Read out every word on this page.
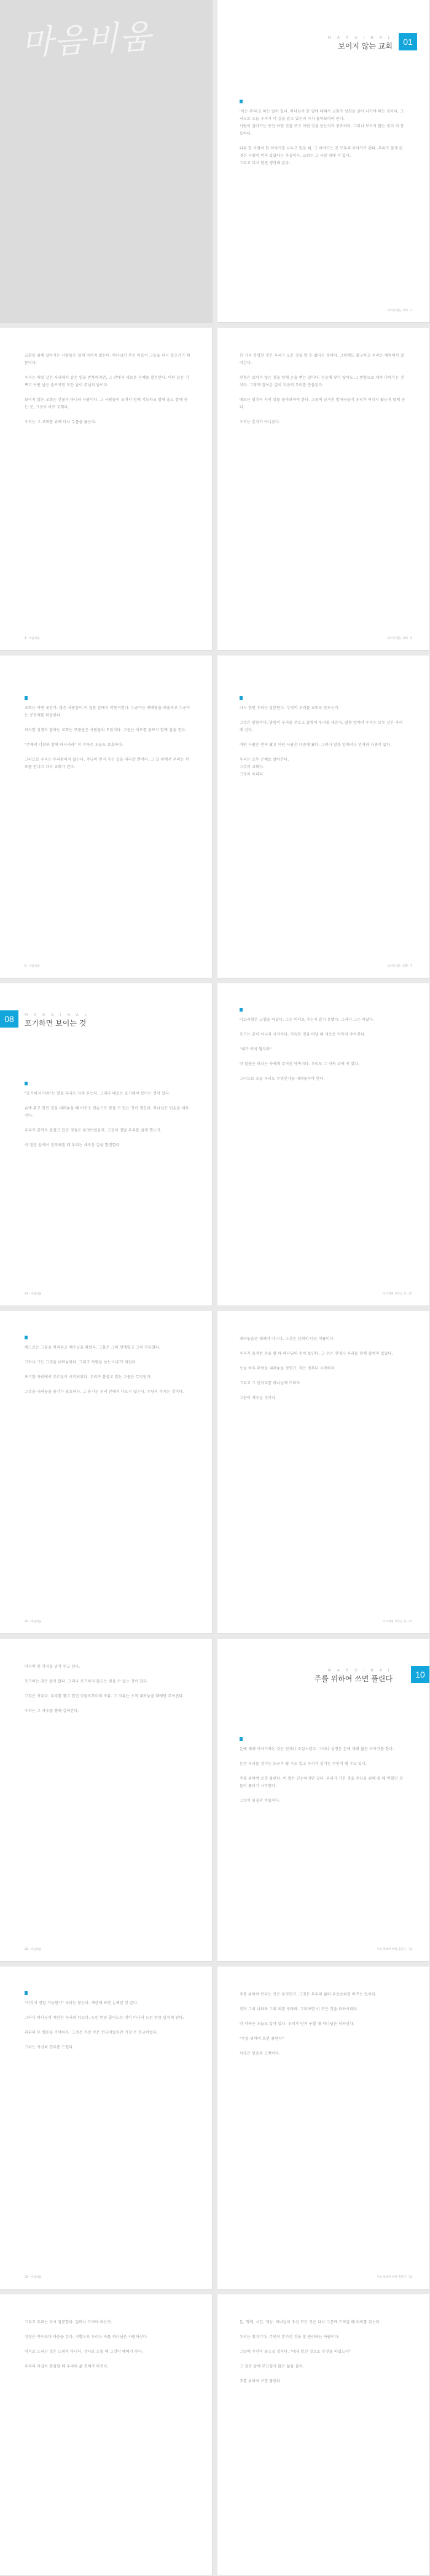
마음비움	M A R G I N A L
보이지 않는 교회	01
'이는 주'라고 하는 말이 있다. 하나님이 한 일에 대해서 교회가 성경을 살아 나가야 하는 것이다. 그러므로 오늘 우리가 이 길을 알고 있는지 다시 돌아보아야 한다.
사람이 살아가는 동안 어떤 것을 보고 어떤 것을 듣는지가 중요하다. 그러나 보이지 않는 것이 더 중요하다.

다른 한 사람이 한 이야기를 나누고 있을 때, 그 이야기는 곧 모두의 이야기가 된다. 우리가 알게 된 것은 사랑이 먼저 있었다는 사실이다. 교회는 그 사랑 위에 서 있다.
그리고 다시 한번 생각해 본다.
보이지 않는 교회 · 3
교회를 위해 살아가는 사람들은 쉽게 지치지 않는다. 하나님이 주신 마음이 그들을 다시 일으키기 때문이다.

우리는 매일 같은 자리에서 같은 일을 반복하지만, 그 안에서 새로운 은혜를 발견한다. 어떤 날은 기쁘고 어떤 날은 슬프지만 모든 날이 주님의 날이다.

보이지 않는 교회는 건물이 아니라 사람이다. 그 사람들이 모여서 함께 기도하고 함께 울고 함께 웃는 곳, 그곳이 바로 교회다.

우리는 그 교회를 위해 다시 무릎을 꿇는다.
4 · 마음비움
한 가지 분명한 것은 우리가 모든 것을 알 수 없다는 것이다. 그럼에도 불구하고 우리는 계속해서 걸어간다.

믿음은 보이지 않는 것을 향해 손을 뻗는 일이다. 손끝에 닿지 않아도 그 방향으로 계속 나아가는 것이다. 그렇게 걸어온 길이 지금의 우리를 만들었다.

때로는 멈추어 서서 뒤를 돌아보아야 한다. 그곳에 남겨진 발자국들이 우리가 어디서 왔는지 말해 준다.

우리는 혼자가 아니었다.
보이지 않는 교회 · 5
교회는 어떤 곳인가. 많은 사람들이 이 질문 앞에서 머뭇거린다. 누군가는 예배당을 떠올리고 누군가는 공동체를 떠올린다.

하지만 성경이 말하는 교회는 부름받은 사람들의 모임이다. 그들은 서로를 돌보고 함께 짐을 진다.

"주께서 너희와 함께 하시리라" 이 약속은 오늘도 유효하다.

그러므로 우리는 두려워하지 않는다. 주님이 먼저 가신 길을 따라갈 뿐이다. 그 길 위에서 우리는 서로를 만나고 다시 교회가 된다.
6 · 마음비움
다시 한번 우리는 질문한다. 무엇이 우리를 교회로 만드는가.

그것은 말씀이다. 말씀이 우리를 부르고 말씀이 우리를 세운다. 말씀 앞에서 우리는 모두 같은 자리에 선다.

어떤 사람은 먼저 왔고 어떤 사람은 나중에 왔다. 그러나 말씀 앞에서는 먼저와 나중이 없다.

우리는 모두 은혜로 살아간다.
그것이 교회다.
그것이 우리다.
보이지 않는 교회 · 7
08	M A R G I N A L
포기하면 보이는 것
"포기하지 마라"는 말을 우리는 자주 듣는다. 그러나 때로는 포기해야 보이는 것이 있다.

손에 쥐고 있던 것을 내려놓을 때 비로소 빈손으로 받을 수 있는 것이 생긴다. 하나님은 빈손을 채우신다.

우리가 끝까지 붙잡고 있던 것들은 무엇이었을까. 그것이 정말 우리를 살게 했는가.

이 질문 앞에서 정직해질 때 우리는 새로운 길을 발견한다.
24 · 마음비움
아브라함은 고향을 떠났다. 그는 어디로 가는지 알지 못했다. 그러나 그는 떠났다.

포기는 끝이 아니라 시작이다. 익숙한 것을 떠날 때 새로운 약속이 주어진다.

"네가 복이 될지라"

이 말씀은 떠나는 자에게 주어진 약속이다. 우리도 그 약속 위에 서 있다.

그러므로 오늘 우리도 무엇인가를 내려놓아야 한다.
포기하면 보이는 것 · 25
베드로는 그물을 버려두고 예수님을 따랐다. 그물은 그의 생계였고 그의 전부였다.

그러나 그는 그것을 내려놓았다. 그리고 사람을 낚는 어부가 되었다.

포기한 자리에서 부르심이 시작되었다. 우리가 붙잡고 있는 그물은 무엇인가.

그것을 내려놓을 용기가 필요하다. 그 용기는 우리 안에서 나오지 않는다. 주님이 주시는 것이다.
26 · 마음비움
내려놓음은 패배가 아니다. 그것은 신뢰의 다른 이름이다.

우리가 움켜쥔 손을 펼 때 하나님의 손이 보인다. 그 손은 언제나 우리를 향해 펼쳐져 있었다.

오늘 하루 무엇을 내려놓을 것인가. 작은 것부터 시작하자.

그리고 그 빈자리를 하나님께 드리자.

그분이 채우실 것이다.
포기하면 보이는 것 · 27
마지막 한 가지를 남겨 두고 싶다.

포기하는 것은 쉽지 않다. 그러나 포기하지 않고는 얻을 수 없는 것이 있다.

그것은 자유다. 우리를 묶고 있던 것들로부터의 자유. 그 자유는 오직 내려놓을 때에만 주어진다.

우리는 그 자유를 향해 걸어간다.
28 · 마음비움
M A R G I N A L
주를 위하여 쓰면 풀린다	10
돈에 대해 이야기하는 것은 언제나 조심스럽다. 그러나 성경은 돈에 대해 많은 이야기를 한다.

돈은 우리를 섬기는 도구가 될 수도 있고 우리가 섬기는 주인이 될 수도 있다.

주를 위하여 쓰면 풀린다. 이 말은 단순하지만 깊다. 우리가 가진 것을 주님을 위해 쓸 때 막혔던 것들이 풀리기 시작한다.

그것이 물질의 비밀이다.
주를 위하여 쓰면 풀린다 · 31
"이것이 정말 가능한가" 우리는 묻는다. 계산해 보면 손해인 것 같다.

그러나 하나님의 계산은 우리와 다르다. 드린 만큼 줄어드는 것이 아니라 드린 만큼 넘치게 된다.

과부의 두 렙돈을 기억하자. 그것은 가장 작은 헌금이었지만 가장 큰 헌금이었다.

그녀는 자신의 전부를 드렸다.
32 · 마음비움
주를 위하여 쓴다는 것은 무엇인가. 그것은 우리의 삶의 우선순위를 바꾸는 일이다.

먼저 그의 나라와 그의 의를 구하라. 그리하면 이 모든 것을 더하시리라.

이 약속은 오늘도 살아 있다. 우리가 먼저 구할 때 하나님은 더하신다.

"주를 위하여 쓰면 풀린다"

이것은 믿음의 고백이다.
주를 위하여 쓰면 풀린다 · 33
그리고 우리는 다시 질문한다. 얼마나 드려야 하는가.

성경은 액수보다 마음을 본다. 기쁨으로 드리는 자를 하나님은 사랑하신다.

억지로 드리는 것은 드림이 아니다. 감사로 드릴 때 그것이 예배가 된다.

우리의 지갑이 회심할 때 우리의 삶 전체가 바뀐다.
돈, 명예, 시간, 재능. 하나님이 주신 모든 것은 다시 그분께 드려질 때 의미를 갖는다.

우리는 청지기다. 주인이 맡기신 것을 잘 관리하는 사람이다.

그날에 주인이 물으실 것이다. "네게 맡긴 것으로 무엇을 하였느냐"

그 질문 앞에 부끄럽지 않은 삶을 살자.

주를 위하여 쓰면 풀린다.
